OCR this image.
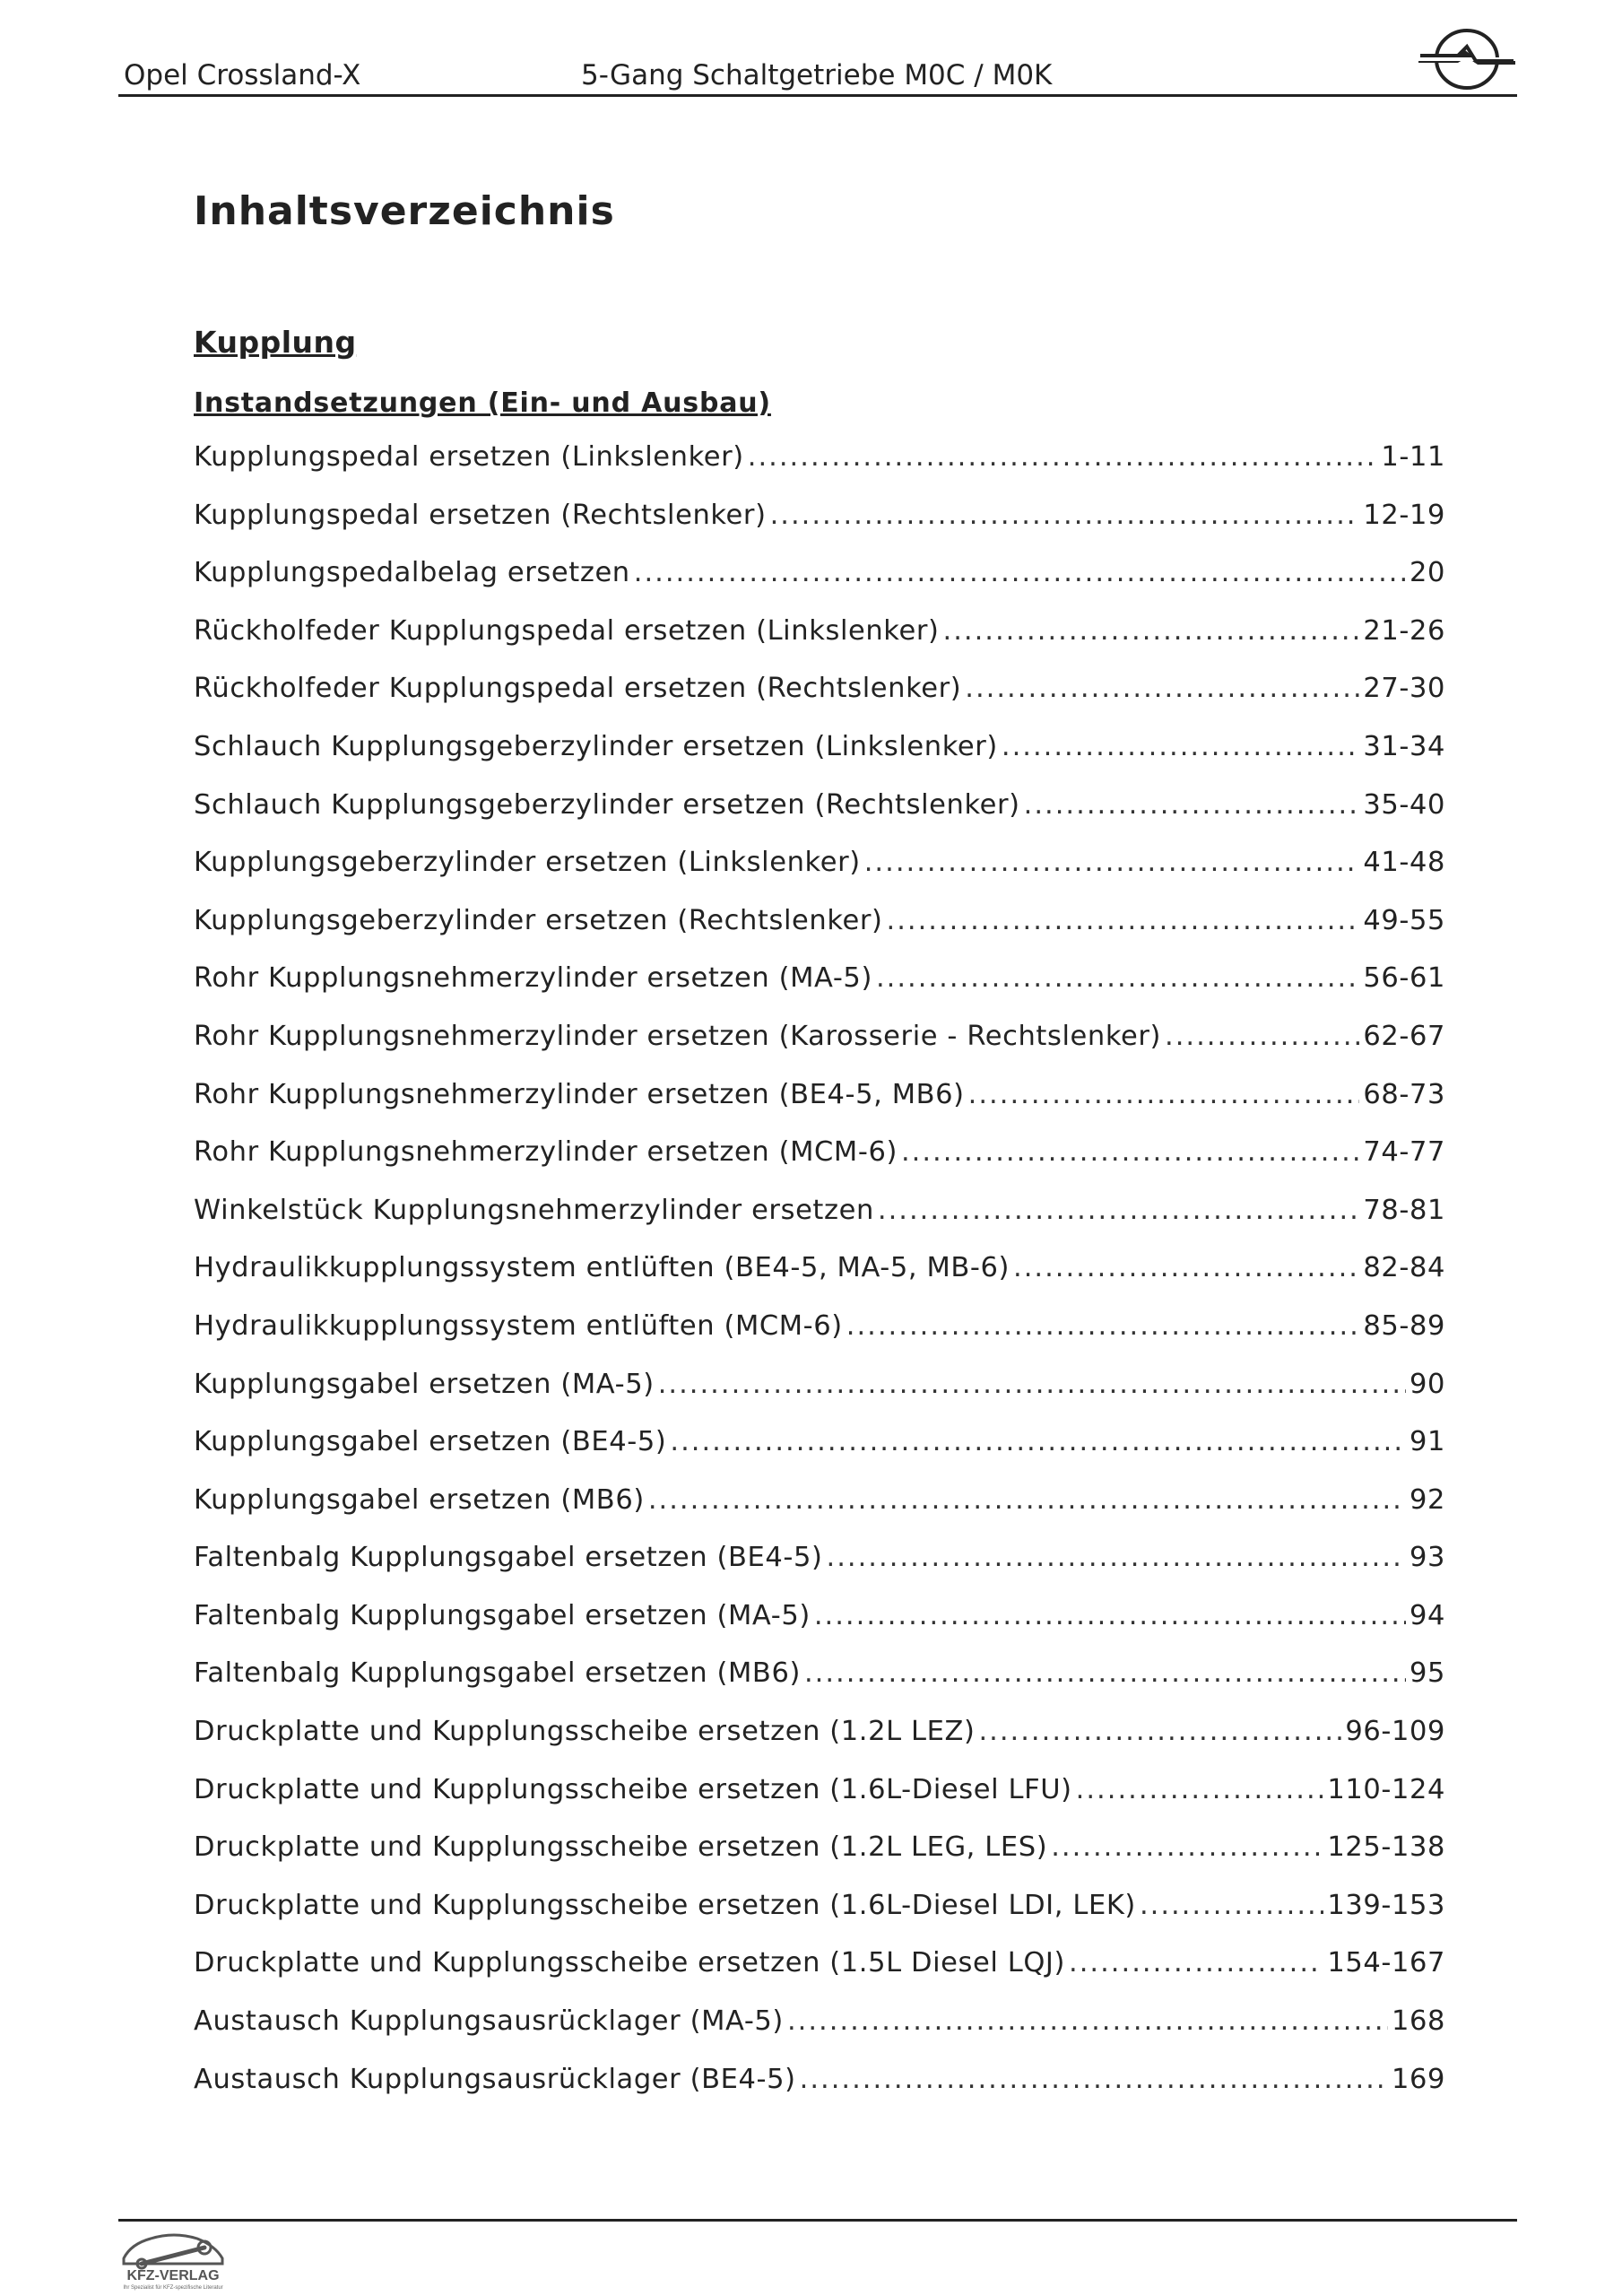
Opel Crossland-X	5-Gang Schaltgetriebe M0C / M0K
Inhaltsverzeichnis
Kupplung
Instandsetzungen (Ein- und Ausbau)
Kupplungspedal ersetzen (Linkslenker) .....	1-11
Kupplungspedal ersetzen (Rechtslenker) .....	12-19
Kupplungspedalbelag ersetzen .....	20
Rückholfeder Kupplungspedal ersetzen (Linkslenker) .....	21-26
Rückholfeder Kupplungspedal ersetzen (Rechtslenker) .....	27-30
Schlauch Kupplungsgeberzylinder ersetzen (Linkslenker) .....	31-34
Schlauch Kupplungsgeberzylinder ersetzen (Rechtslenker) .....	35-40
Kupplungsgeberzylinder ersetzen (Linkslenker) .....	41-48
Kupplungsgeberzylinder ersetzen (Rechtslenker) .....	49-55
Rohr Kupplungsnehmerzylinder ersetzen (MA-5) .....	56-61
Rohr Kupplungsnehmerzylinder ersetzen (Karosserie - Rechtslenker) .....	62-67
Rohr Kupplungsnehmerzylinder ersetzen (BE4-5, MB6) .....	68-73
Rohr Kupplungsnehmerzylinder ersetzen (MCM-6) .....	74-77
Winkelstück Kupplungsnehmerzylinder ersetzen .....	78-81
Hydraulikkupplungssystem entlüften (BE4-5, MA-5, MB-6) .....	82-84
Hydraulikkupplungssystem entlüften (MCM-6) .....	85-89
Kupplungsgabel ersetzen (MA-5) .....	90
Kupplungsgabel ersetzen (BE4-5) .....	91
Kupplungsgabel ersetzen (MB6) .....	92
Faltenbalg Kupplungsgabel ersetzen (BE4-5) .....	93
Faltenbalg Kupplungsgabel ersetzen (MA-5) .....	94
Faltenbalg Kupplungsgabel ersetzen (MB6) .....	95
Druckplatte und Kupplungsscheibe ersetzen (1.2L LEZ) .....	96-109
Druckplatte und Kupplungsscheibe ersetzen (1.6L-Diesel LFU) .....	110-124
Druckplatte und Kupplungsscheibe ersetzen (1.2L LEG, LES) .....	125-138
Druckplatte und Kupplungsscheibe ersetzen (1.6L-Diesel LDI, LEK) .....	139-153
Druckplatte und Kupplungsscheibe ersetzen (1.5L Diesel LQJ) .....	154-167
Austausch Kupplungsausrücklager (MA-5) .....	168
Austausch Kupplungsausrücklager (BE4-5) .....	169
KFZ-VERLAG
Ihr Spezialist für KFZ-spezifische Literatur
